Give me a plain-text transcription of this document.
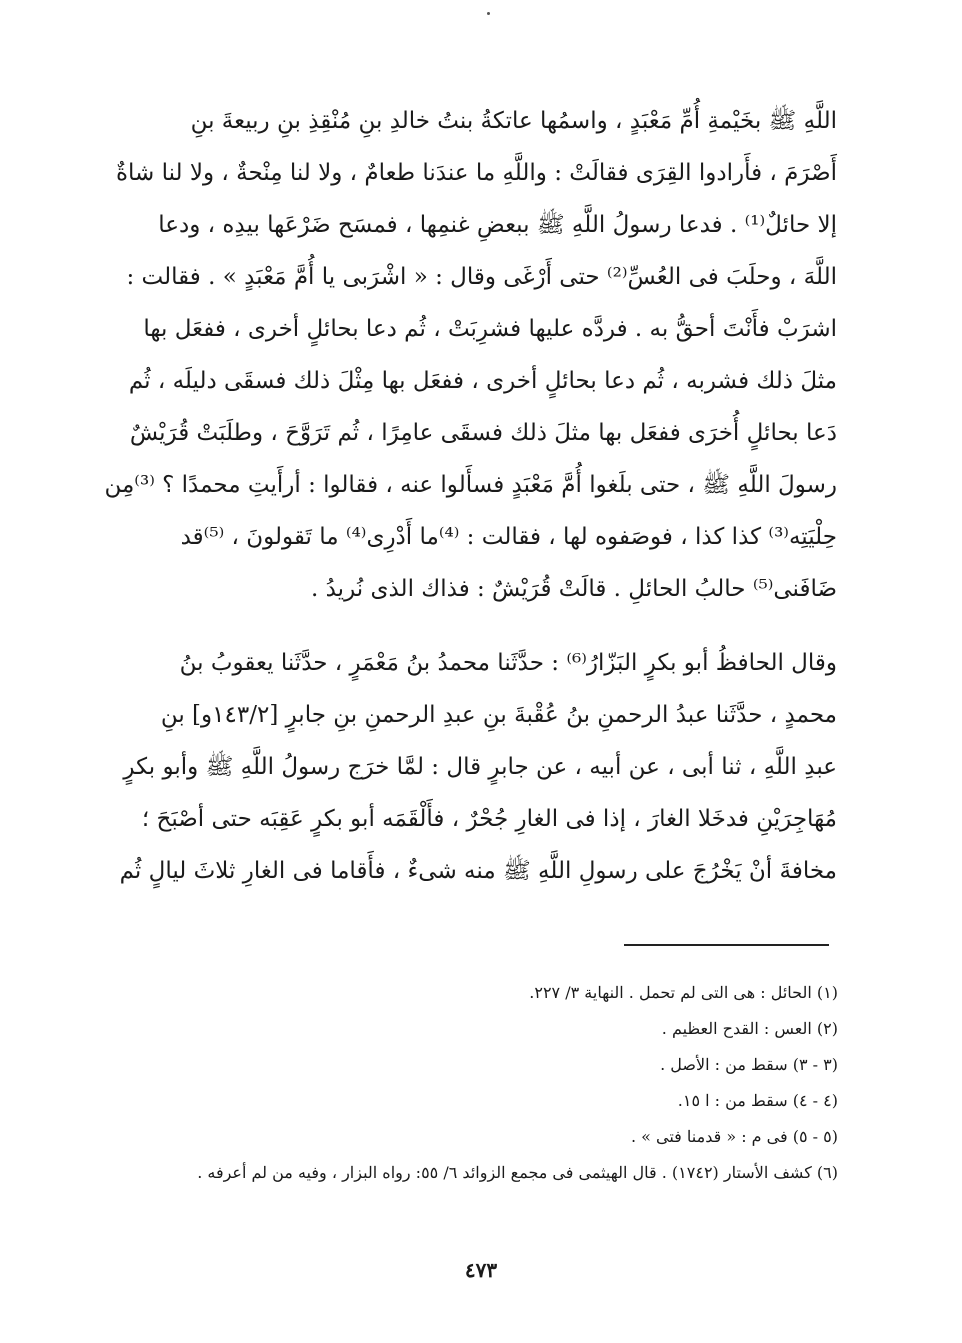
اللَّهِ ﷺ بخَيْمةِ أُمِّ مَعْبَدٍ ، واسمُها عاتكةُ بنتُ خالدِ بنِ مُنْقِذِ بنِ ربيعةَ بنِ
أَصْرَمَ ، فأَرادوا القِرَى فقالَتْ : واللَّهِ ما عندَنا طعامٌ ، ولا لنا مِنْحةٌ ، ولا لنا شاةٌ
إلا حائلٌ⁽¹⁾ . فدعا رسولُ اللَّهِ ﷺ ببعضِ غنمِها ، فمسَح ضَرْعَها بيدِه ، ودعا
اللَّهَ ، وحلَبَ فى العُسِّ⁽²⁾ حتى أَرْغَى وقال : « اشْرَبى يا أُمَّ مَعْبَدٍ » . فقالت :
اشرَبْ فأَنْتَ أحقُّ به . فردَّه عليها فشرِبَتْ ، ثُم دعا بحائلٍ أخرى ، ففعَل بها
مثلَ ذلك فشربه ، ثُم دعا بحائلٍ أخرى ، ففعَل بها مِثْلَ ذلك فسقَى دليلَه ، ثُم
دَعا بحائلٍ أُخرَى ففعَل بها مثلَ ذلك فسقَى عامِرًا ، ثُم تَرَوَّحَ ، وطلَبَتْ قُرَيْشٌ
رسولَ اللَّهِ ﷺ ، حتى بلَغوا أُمَّ مَعْبَدٍ فسأَلوا عنه ، فقالوا : أرأَيتِ محمدًا ؟ ⁽³⁾مِن
حِلْيَتِه⁽³⁾ كذا كذا ، فوصَفوه لها ، فقالت : ⁽⁴⁾ما أَدْرِى⁽⁴⁾ ما تَقولونَ ، ⁽⁵⁾قد
ضَافَنى⁽⁵⁾ حالبُ الحائلِ . قالَتْ قُرَيْشٌ : فذاك الذى نُريدُ .
وقال الحافظُ أبو بكرٍ البَزّارُ⁽⁶⁾ : حدَّثَنا محمدُ بنُ مَعْمَرٍ ، حدَّثَنا يعقوبُ بنُ
محمدٍ ، حدَّثَنا عبدُ الرحمنِ بنُ عُقْبةَ بنِ عبدِ الرحمنِ بنِ جابرٍ [١٤٣/٢و] بنِ
عبدِ اللَّهِ ، ثنا أبى ، عن أبيه ، عن جابرٍ قال : لمَّا خرَج رسولُ اللَّهِ ﷺ وأبو بكرٍ
مُهَاجِرَيْنِ فدخَلا الغارَ ، إذا فى الغارِ جُحْرٌ ، فأَلْقَمَه أبو بكرٍ عَقِبَه حتى أصْبَحَ ؛
مخافةَ أنْ يَخْرُجَ على رسولِ اللَّهِ ﷺ منه شىءٌ ، فأَقاما فى الغارِ ثلاثَ ليالٍ ثُم
(١) الحائل : هى التى لم تحمل . النهاية ٣/ ٢٢٧.
(٢) العس : القدح العظيم .
(٣ - ٣) سقط من : الأصل .
(٤ - ٤) سقط من : ا ١٥.
(٥ - ٥) فى م : « قدمنا فتى » .
(٦) كشف الأستار (١٧٤٢) . قال الهيثمى فى مجمع الزوائد ٦/ ٥٥: رواه البزار ، وفيه من لم أعرفه .
٤٧٣
